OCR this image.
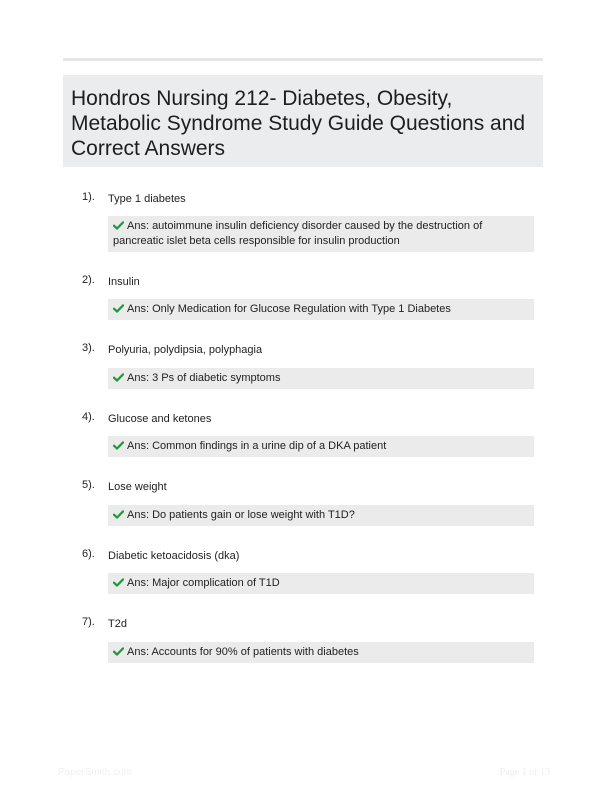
Hondros Nursing 212- Diabetes, Obesity, Metabolic Syndrome Study Guide Questions and Correct Answers
1). Type 1 diabetes
Ans: autoimmune insulin deficiency disorder caused by the destruction of pancreatic islet beta cells responsible for insulin production
2). Insulin
Ans: Only Medication for Glucose Regulation with Type 1 Diabetes
3). Polyuria, polydipsia, polyphagia
Ans: 3 Ps of diabetic symptoms
4). Glucose and ketones
Ans: Common findings in a urine dip of a DKA patient
5). Lose weight
Ans: Do patients gain or lose weight with T1D?
6). Diabetic ketoacidosis (dka)
Ans: Major complication of T1D
7). T2d
Ans: Accounts for 90% of patients with diabetes
PaperSmith.com	Page 1 of 13
